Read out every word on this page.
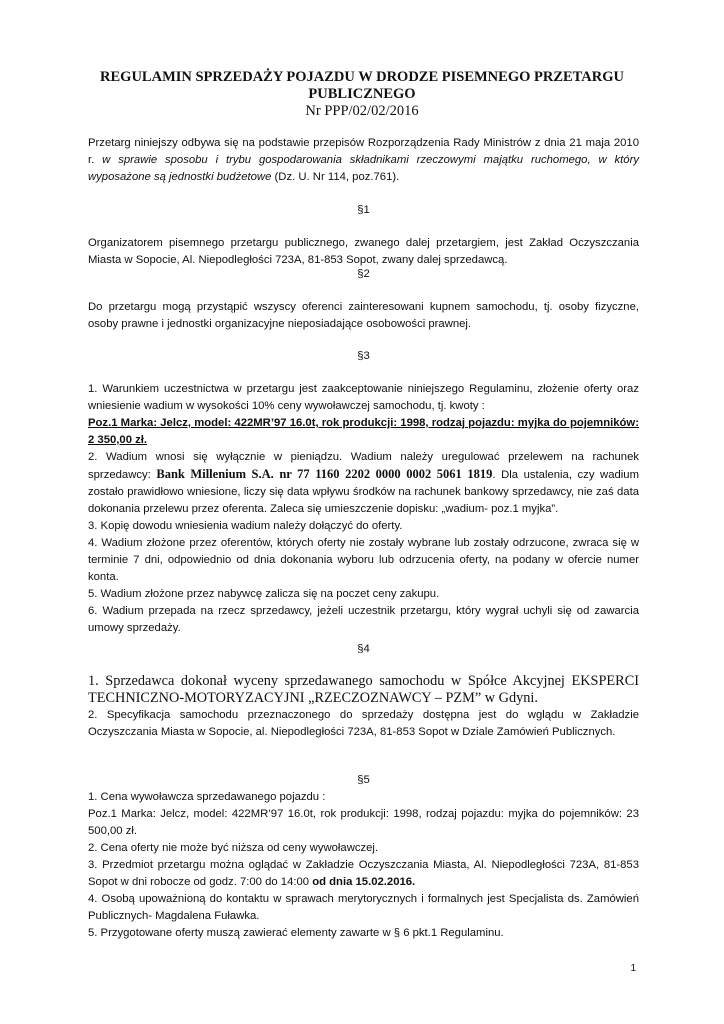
REGULAMIN SPRZEDAŻY POJAZDU W DRODZE PISEMNEGO PRZETARGU
PUBLICZNEGO
Nr PPP/02/02/2016
Przetarg niniejszy odbywa się na podstawie przepisów Rozporządzenia Rady Ministrów z dnia 21 maja 2010 r. w sprawie sposobu i trybu gospodarowania składnikami rzeczowymi majątku ruchomego, w który wyposażone są jednostki budżetowe (Dz. U. Nr 114, poz.761).
§1
Organizatorem pisemnego przetargu publicznego, zwanego dalej przetargiem, jest Zakład Oczyszczania Miasta w Sopocie, Al. Niepodległości 723A, 81-853 Sopot, zwany dalej sprzedawcą.
§2
Do przetargu mogą przystąpić wszyscy oferenci zainteresowani kupnem samochodu, tj. osoby fizyczne, osoby prawne i jednostki organizacyjne nieposiadające osobowości prawnej.
§3
1. Warunkiem uczestnictwa w przetargu jest zaakceptowanie niniejszego Regulaminu, złożenie oferty oraz wniesienie wadium w wysokości 10% ceny wywoławczej samochodu, tj. kwoty :
Poz.1 Marka: Jelcz, model: 422MR’97 16.0t, rok produkcji: 1998, rodzaj pojazdu: myjka do pojemników: 2 350,00 zł.
2. Wadium wnosi się wyłącznie w pieniądzu. Wadium należy uregulować przelewem na rachunek sprzedawcy: Bank Millenium S.A. nr 77 1160 2202 0000 0002 5061 1819. Dla ustalenia, czy wadium zostało prawidłowo wniesione, liczy się data wpływu środków na rachunek bankowy sprzedawcy, nie zaś data dokonania przelewu przez oferenta. Zaleca się umieszczenie dopisku: „wadium- poz.1 myjka”.
3. Kopię dowodu wniesienia wadium należy dołączyć do oferty.
4. Wadium złożone przez oferentów, których oferty nie zostały wybrane lub zostały odrzucone, zwraca się w terminie 7 dni, odpowiednio od dnia dokonania wyboru lub odrzucenia oferty, na podany w ofercie numer konta.
5. Wadium złożone przez nabywcę zalicza się na poczet ceny zakupu.
6. Wadium przepada na rzecz sprzedawcy, jeżeli uczestnik przetargu, który wygrał uchyli się od zawarcia umowy sprzedaży.
§4
1. Sprzedawca dokonał wyceny sprzedawanego samochodu w Spółce Akcyjnej EKSPERCI TECHNICZNO-MOTORYZACYJNI „RZECZOZNAWCY – PZM” w Gdyni.
2. Specyfikacja samochodu przeznaczonego do sprzedaży dostępna jest do wglądu w Zakładzie Oczyszczania Miasta w Sopocie, al. Niepodległości 723A, 81-853 Sopot w Dziale Zamówień Publicznych.
§5
1. Cena wywoławcza sprzedawanego pojazdu :
Poz.1 Marka: Jelcz, model: 422MR’97 16.0t, rok produkcji: 1998, rodzaj pojazdu: myjka do pojemników: 23 500,00 zł.
2. Cena oferty nie może być niższa od ceny wywoławczej.
3. Przedmiot przetargu można oglądać w Zakładzie Oczyszczania Miasta, Al. Niepodległości 723A, 81-853 Sopot w dni robocze od godz. 7:00 do 14:00 od dnia 15.02.2016.
4. Osobą upoważnioną do kontaktu w sprawach merytorycznych i formalnych jest Specjalista ds. Zamówień Publicznych- Magdalena Fuławka.
5. Przygotowane oferty muszą zawierać elementy zawarte w § 6 pkt.1 Regulaminu.
1
